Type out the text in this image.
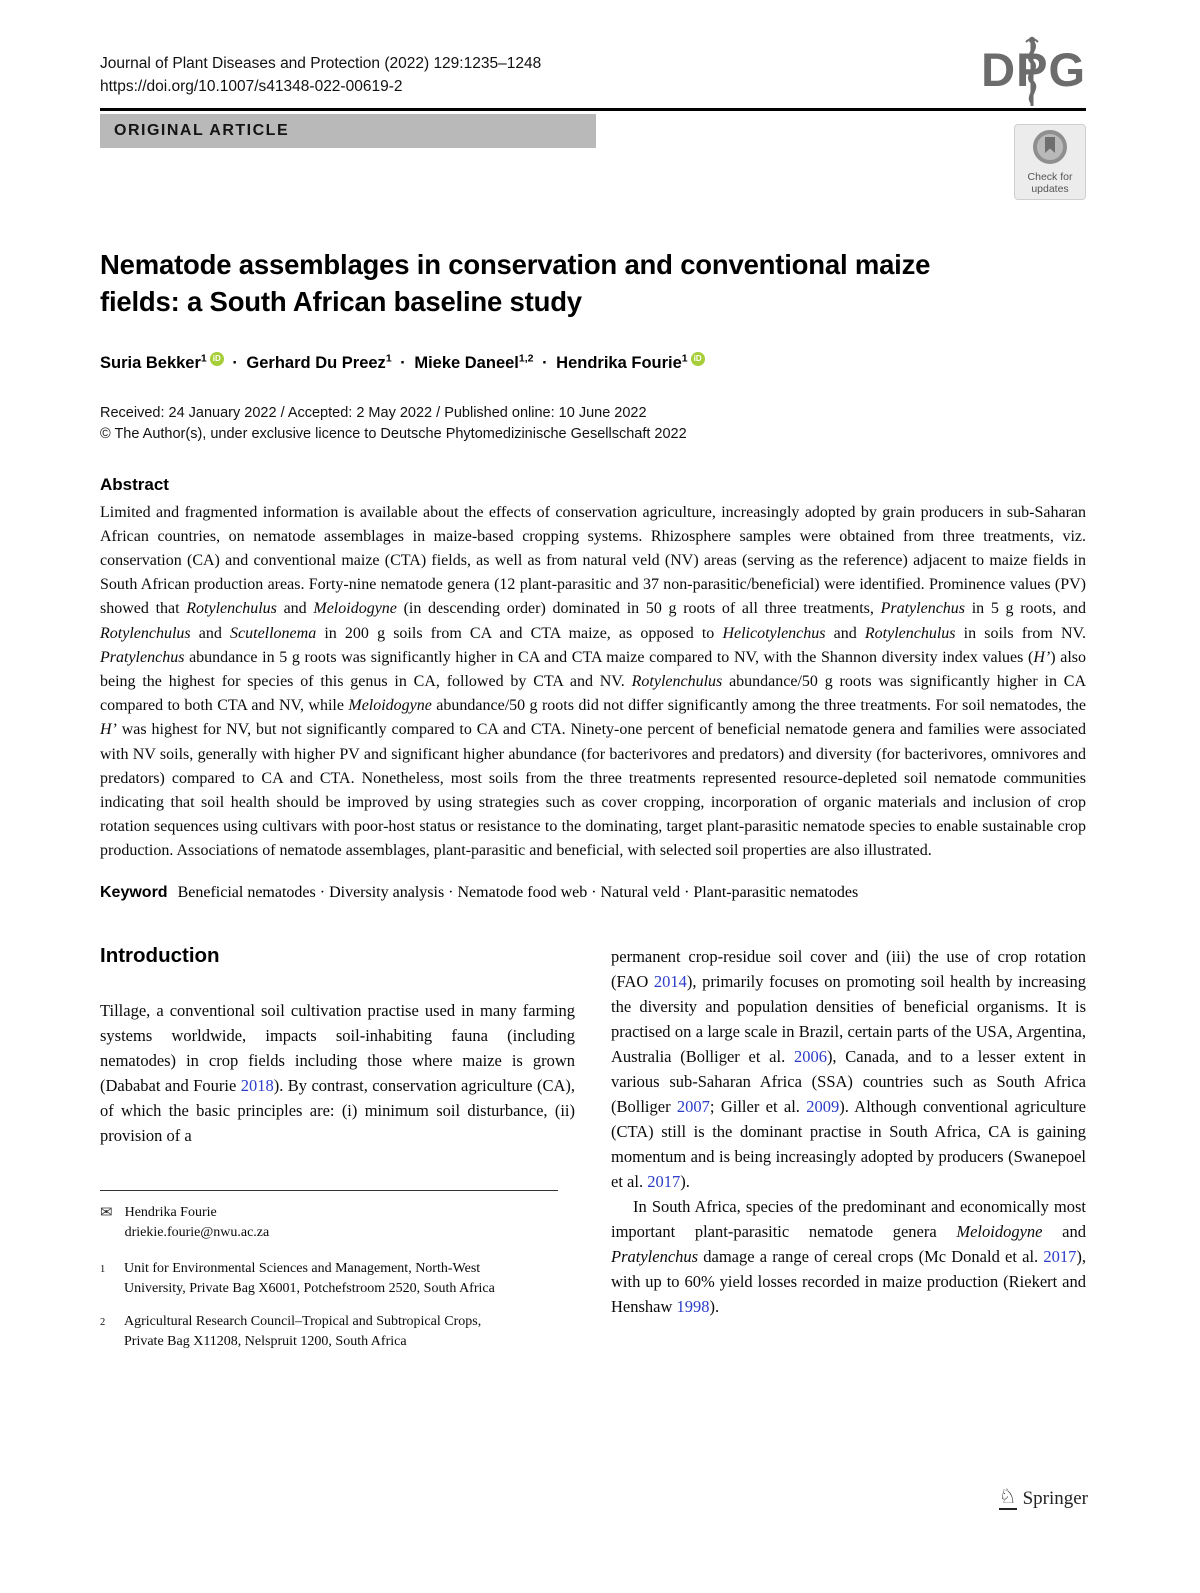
Journal of Plant Diseases and Protection (2022) 129:1235–1248
https://doi.org/10.1007/s41348-022-00619-2	DP
G
ORIGINAL ARTICLE
Check for
updates
Nematode assemblages in conservation and conventional maize fields: a South African baseline study
Suria Bekker$^1$ iD · Gerhard Du Preez$^1$ · Mieke Daneel$^{1,2}$ · Hendrika Fourie$^1$ iD
Received: 24 January 2022 / Accepted: 2 May 2022 / Published online: 10 June 2022
© The Author(s), under exclusive licence to Deutsche Phytomedizinische Gesellschaft 2022
Abstract

Limited and fragmented information is available about the effects of conservation agriculture, increasingly adopted by grain producers in sub-Saharan African countries, on nematode assemblages in maize-based cropping systems. Rhizosphere samples were obtained from three treatments, viz. conservation (CA) and conventional maize (CTA) fields, as well as from natural veld (NV) areas (serving as the reference) adjacent to maize fields in South African production areas. Forty-nine nematode genera (12 plant-parasitic and 37 non-parasitic/beneficial) were identified. Prominence values (PV) showed that Rotylenchulus and Meloidogyne (in descending order) dominated in 50 g roots of all three treatments, Pratylenchus in 5 g roots, and Rotylenchulus and Scutellonema in 200 g soils from CA and CTA maize, as opposed to Helicotylenchus and Rotylenchulus in soils from NV. Pratylenchus abundance in 5 g roots was significantly higher in CA and CTA maize compared to NV, with the Shannon diversity index values (H’) also being the highest for species of this genus in CA, followed by CTA and NV. Rotylenchulus abundance/50 g roots was significantly higher in CA compared to both CTA and NV, while Meloidogyne abundance/50 g roots did not differ significantly among the three treatments. For soil nematodes, the H’ was highest for NV, but not significantly compared to CA and CTA. Ninety-one percent of beneficial nematode genera and families were associated with NV soils, generally with higher PV and significant higher abundance (for bacterivores and predators) and diversity (for bacterivores, omnivores and predators) compared to CA and CTA. Nonetheless, most soils from the three treatments represented resource-depleted soil nematode communities indicating that soil health should be improved by using strategies such as cover cropping, incorporation of organic materials and inclusion of crop rotation sequences using cultivars with poor-host status or resistance to the dominating, target plant-parasitic nematode species to enable sustainable crop production. Associations of nematode assemblages, plant-parasitic and beneficial, with selected soil properties are also illustrated.

Keyword Beneficial nematodes · Diversity analysis · Nematode food web · Natural veld · Plant-parasitic nematodes
Introduction

Tillage, a conventional soil cultivation practise used in many farming systems worldwide, impacts soil-inhabiting fauna (including nematodes) in crop fields including those where maize is grown (Dababat and Fourie 2018). By contrast, conservation agriculture (CA), of which the basic principles are: (i) minimum soil disturbance, (ii) provision of a

✉ Hendrika Fourie
driekie.fourie@nwu.ac.za
1	Unit for Environmental Sciences and Management, North-West University, Private Bag X6001, Potchefstroom 2520, South Africa
2	Agricultural Research Council–Tropical and Subtropical Crops, Private Bag X11208, Nelspruit 1200, South Africa

permanent crop-residue soil cover and (iii) the use of crop rotation (FAO 2014), primarily focuses on promoting soil health by increasing the diversity and population densities of beneficial organisms. It is practised on a large scale in Brazil, certain parts of the USA, Argentina, Australia (Bolliger et al. 2006), Canada, and to a lesser extent in various sub-Saharan Africa (SSA) countries such as South Africa (Bolliger 2007; Giller et al. 2009). Although conventional agriculture (CTA) still is the dominant practise in South Africa, CA is gaining momentum and is being increasingly adopted by producers (Swanepoel et al. 2017).

In South Africa, species of the predominant and economically most important plant-parasitic nematode genera Meloidogyne and Pratylenchus damage a range of cereal crops (Mc Donald et al. 2017), with up to 60% yield losses recorded in maize production (Riekert and Henshaw 1998).

♘ Springer
